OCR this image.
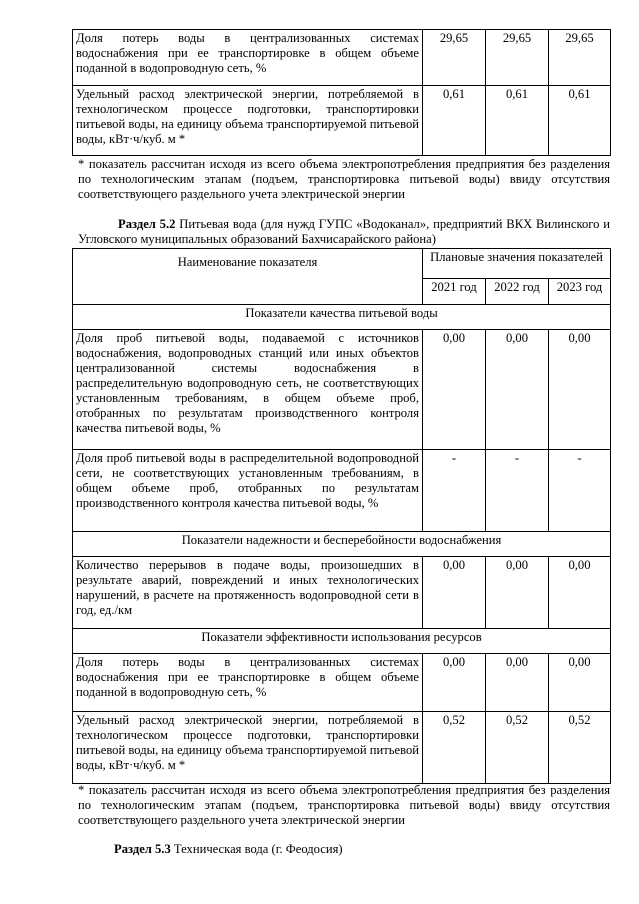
Доля потерь воды в централизованных системах водоснабжения при ее транспортировке в общем объеме поданной в водопроводную сеть, %	29,65	29,65	29,65
Удельный расход электрической энергии, потребляемой в технологическом процессе подготовки, транспортировки питьевой воды, на единицу объема транспортируемой питьевой воды, кВт·ч/куб. м *	0,61	0,61	0,61
* показатель рассчитан исходя из всего объема электропотребления предприятия без разделения по технологическим этапам (подъем, транспортировка питьевой воды) ввиду отсутствия соответствующего раздельного учета электрической энергии
Раздел 5.2 Питьевая вода (для нужд ГУПС «Водоканал», предприятий ВКХ Вилинского и Угловского муниципальных образований Бахчисарайского района)
Наименование показателя	Плановые значения показателей		
	2021 год	2022 год	2023 год
Показатели качества питьевой воды			
Доля проб питьевой воды, подаваемой с источников водоснабжения, водопроводных станций или иных объектов централизованной системы водоснабжения в распределительную водопроводную сеть, не соответствующих установленным требованиям, в общем объеме проб, отобранных по результатам производственного контроля качества питьевой воды, %	0,00	0,00	0,00
Доля проб питьевой воды в распределительной водопроводной сети, не соответствующих установленным требованиям, в общем объеме проб, отобранных по результатам производственного контроля качества питьевой воды, %	-	-	-
Показатели надежности и бесперебойности водоснабжения			
Количество перерывов в подаче воды, произошедших в результате аварий, повреждений и иных технологических нарушений, в расчете на протяженность водопроводной сети в год, ед./км	0,00	0,00	0,00
Показатели эффективности использования ресурсов			
Доля потерь воды в централизованных системах водоснабжения при ее транспортировке в общем объеме поданной в водопроводную сеть, %	0,00	0,00	0,00
Удельный расход электрической энергии, потребляемой в технологическом процессе подготовки, транспортировки питьевой воды, на единицу объема транспортируемой питьевой воды, кВт·ч/куб. м *	0,52	0,52	0,52
* показатель рассчитан исходя из всего объема электропотребления предприятия без разделения по технологическим этапам (подъем, транспортировка питьевой воды) ввиду отсутствия соответствующего раздельного учета электрической энергии
Раздел 5.3 Техническая вода (г. Феодосия)
